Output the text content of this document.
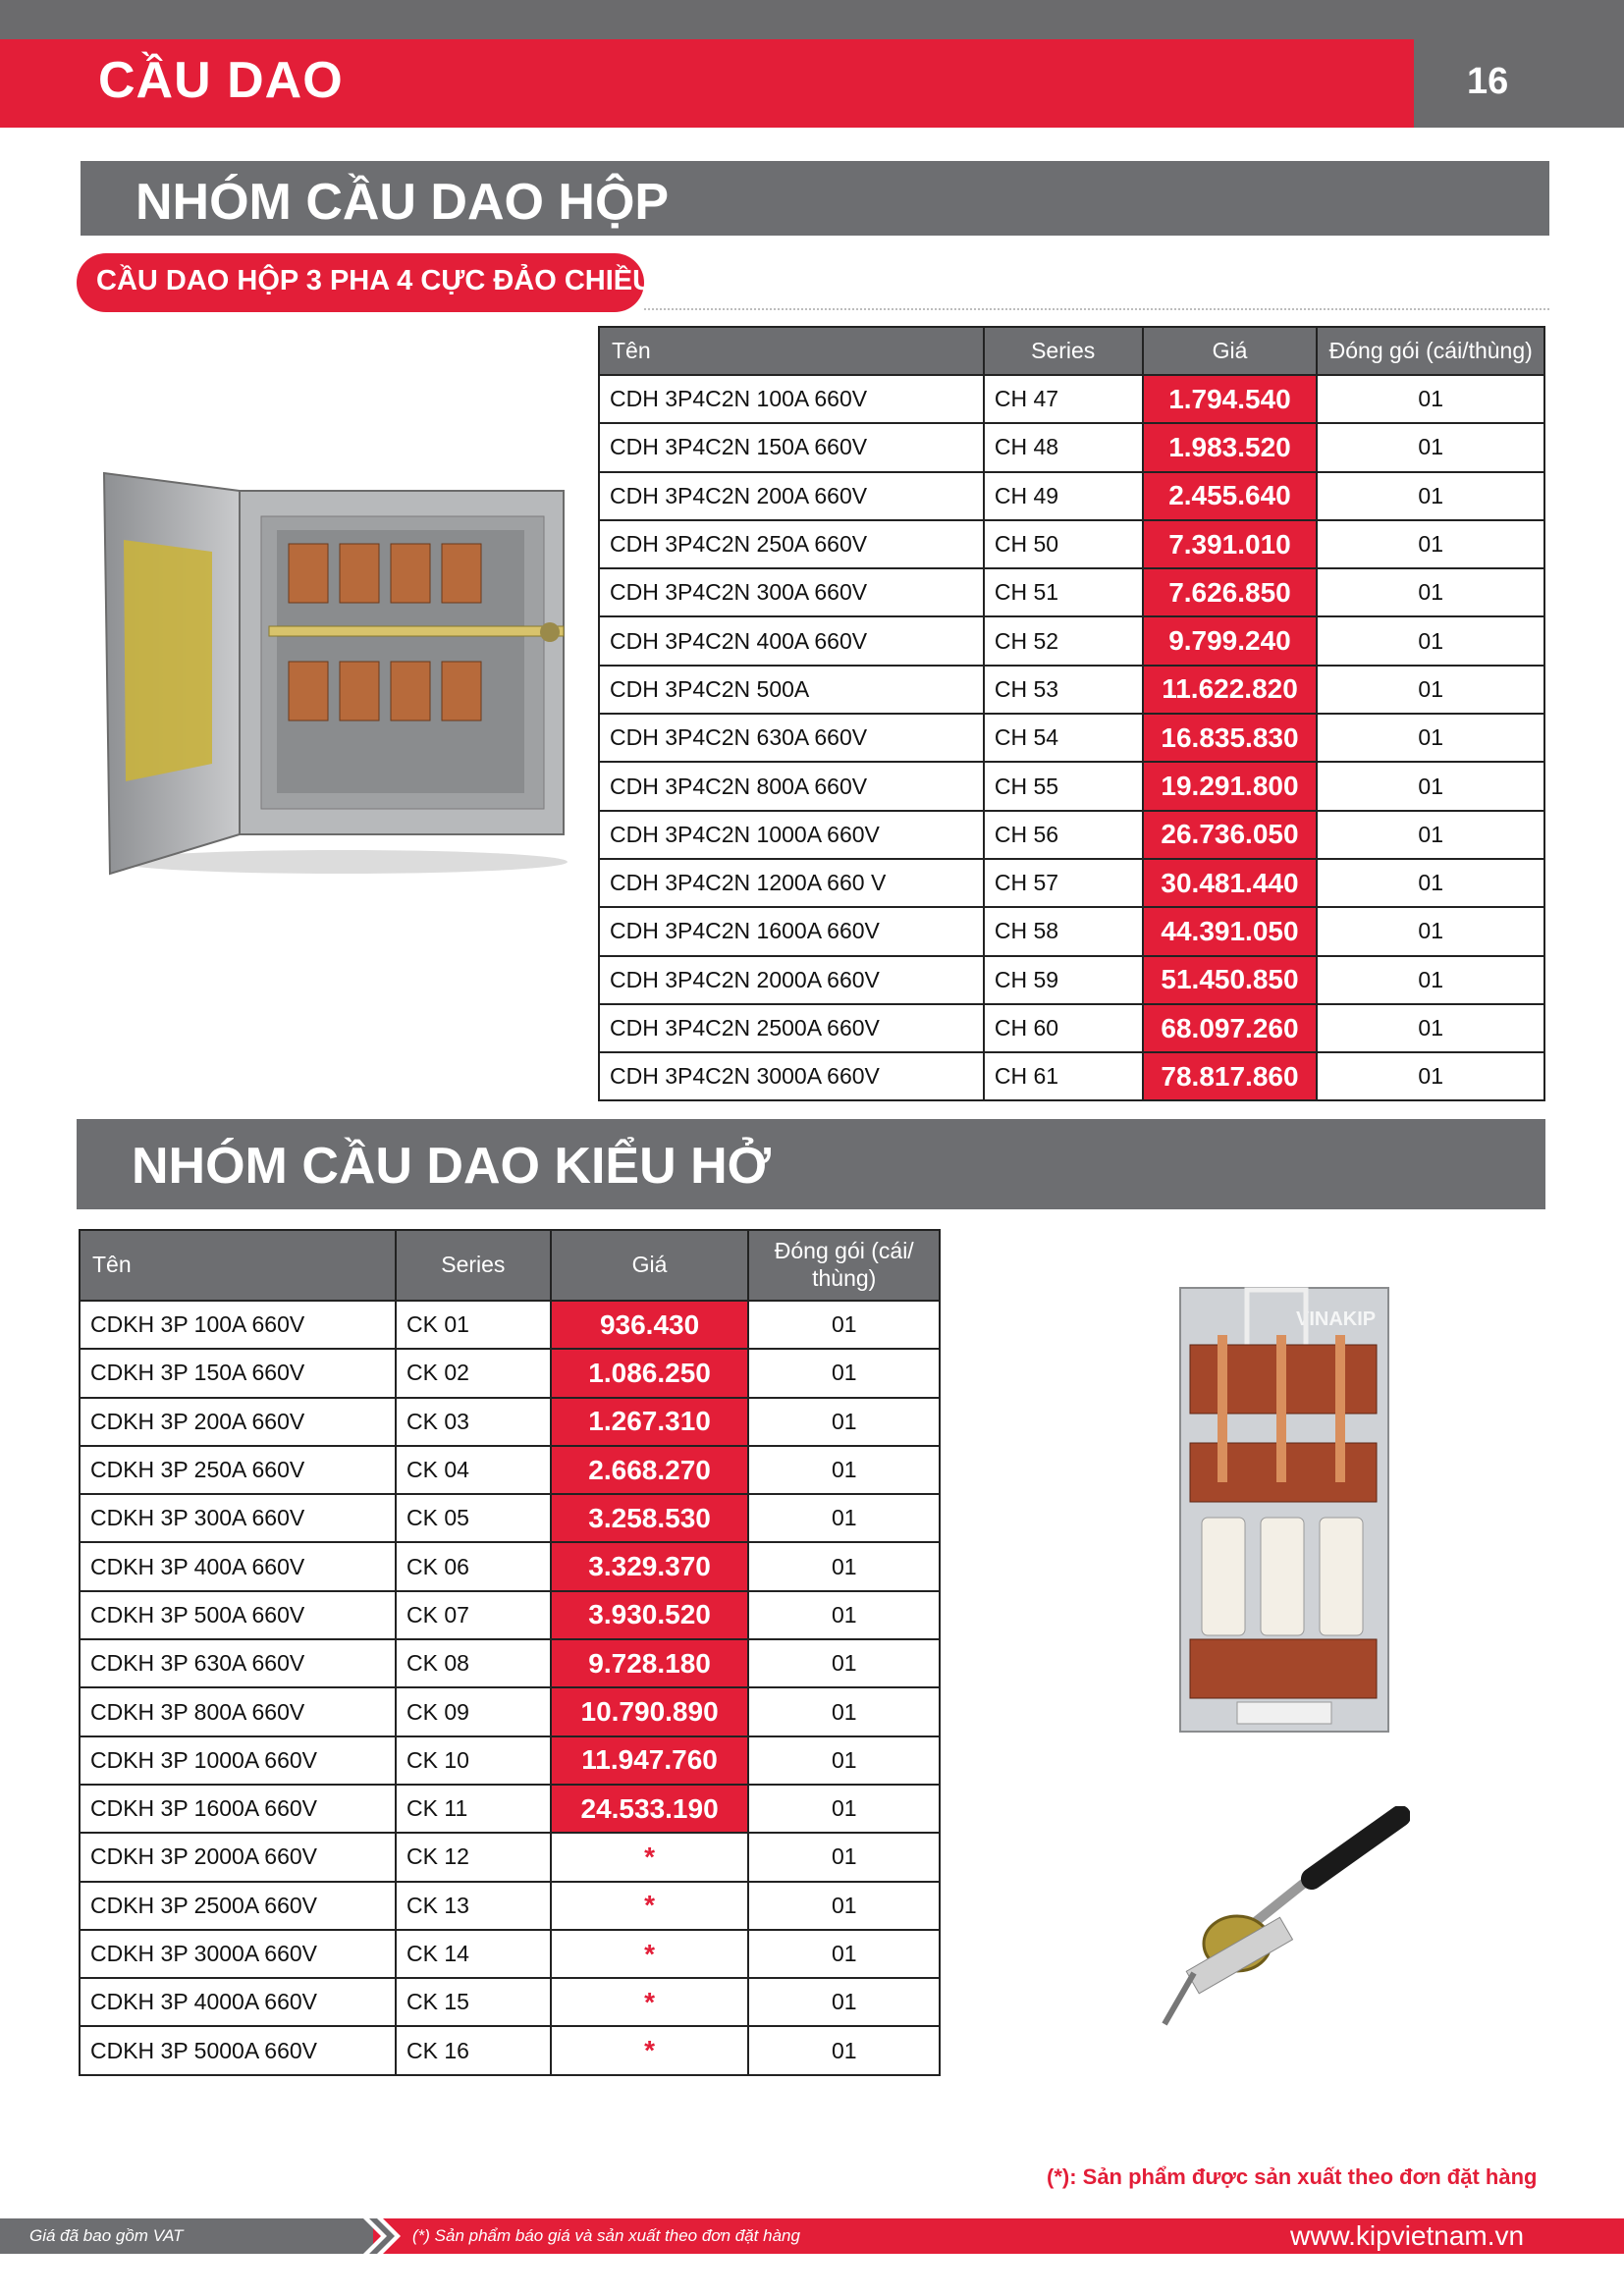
CẦU DAO	16
NHÓM CẦU DAO HỘP
CẦU DAO HỘP 3 PHA 4 CỰC ĐẢO CHIỀU
Tên	Series	Giá	Đóng gói (cái/thùng)
CDH 3P4C2N 100A 660V	CH 47	1.794.540	01
CDH 3P4C2N 150A 660V	CH 48	1.983.520	01
CDH 3P4C2N 200A 660V	CH 49	2.455.640	01
CDH 3P4C2N 250A 660V	CH 50	7.391.010	01
CDH 3P4C2N 300A 660V	CH 51	7.626.850	01
CDH 3P4C2N 400A 660V	CH 52	9.799.240	01
CDH 3P4C2N 500A	CH 53	11.622.820	01
CDH 3P4C2N 630A 660V	CH 54	16.835.830	01
CDH 3P4C2N 800A 660V	CH 55	19.291.800	01
CDH 3P4C2N 1000A 660V	CH 56	26.736.050	01
CDH 3P4C2N 1200A 660 V	CH 57	30.481.440	01
CDH 3P4C2N 1600A 660V	CH 58	44.391.050	01
CDH 3P4C2N 2000A 660V	CH 59	51.450.850	01
CDH 3P4C2N 2500A 660V	CH 60	68.097.260	01
CDH 3P4C2N 3000A 660V	CH 61	78.817.860	01
NHÓM CẦU DAO KIỂU HỞ
Tên	Series	Giá	Đóng gói (cái/ thùng)
CDKH 3P 100A 660V	CK 01	936.430	01
CDKH 3P 150A 660V	CK 02	1.086.250	01
CDKH 3P 200A 660V	CK 03	1.267.310	01
CDKH 3P 250A 660V	CK 04	2.668.270	01
CDKH 3P 300A 660V	CK 05	3.258.530	01
CDKH 3P 400A 660V	CK 06	3.329.370	01
CDKH 3P 500A 660V	CK 07	3.930.520	01
CDKH 3P 630A 660V	CK 08	9.728.180	01
CDKH 3P 800A 660V	CK 09	10.790.890	01
CDKH 3P 1000A 660V	CK 10	11.947.760	01
CDKH 3P 1600A 660V	CK 11	24.533.190	01
CDKH 3P 2000A 660V	CK 12	*	01
CDKH 3P 2500A 660V	CK 13	*	01
CDKH 3P 3000A 660V	CK 14	*	01
CDKH 3P 4000A 660V	CK 15	*	01
CDKH 3P 5000A 660V	CK 16	*	01
VINAKIP
(*): Sản phẩm được sản xuất theo đơn đặt hàng
Giá đã bao gồm VAT	(*) Sản phẩm báo giá và sản xuất theo đơn đặt hàng	www.kipvietnam.vn
